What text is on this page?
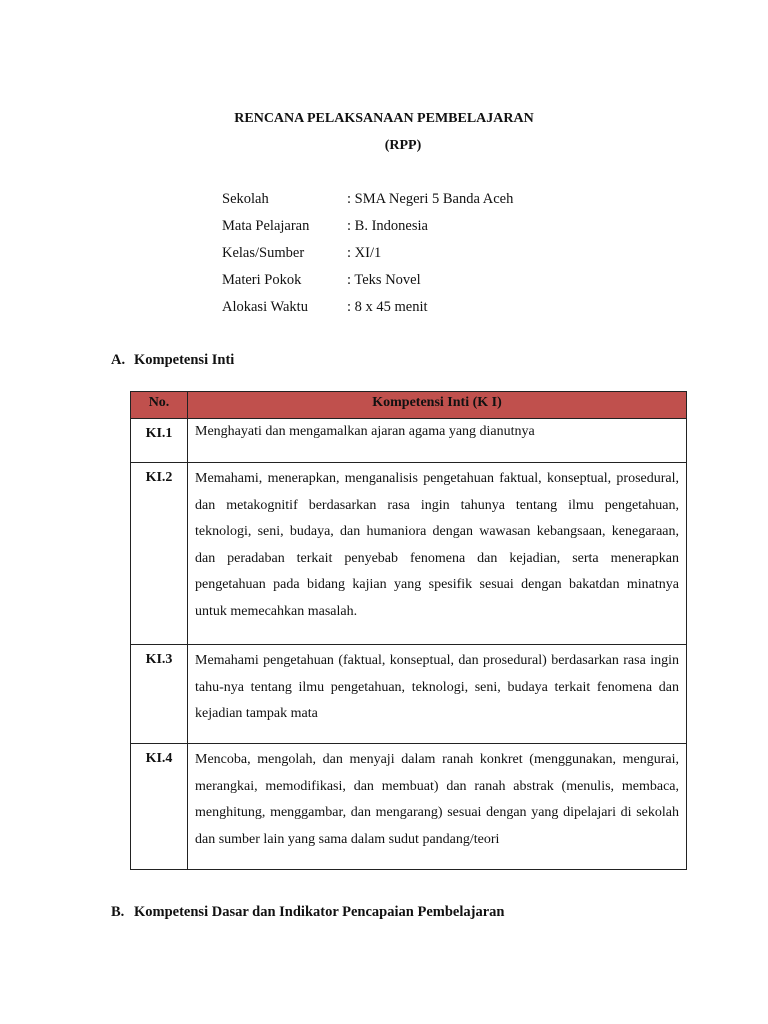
RENCANA PELAKSANAAN PEMBELAJARAN
(RPP)
Sekolah	: SMA Negeri 5 Banda Aceh
Mata Pelajaran	: B. Indonesia
Kelas/Sumber	: XI/1
Materi Pokok	: Teks Novel
Alokasi Waktu	: 8 x 45 menit
A. Kompetensi Inti
No.	Kompetensi Inti (K I)
KI.1	Menghayati dan mengamalkan ajaran agama yang dianutnya
KI.2	Memahami, menerapkan, menganalisis pengetahuan faktual, konseptual, prosedural, dan metakognitif berdasarkan rasa ingin tahunya tentang ilmu pengetahuan, teknologi, seni, budaya, dan humaniora dengan wawasan kebangsaan, kenegaraan, dan peradaban terkait penyebab fenomena dan kejadian, serta menerapkan pengetahuan pada bidang kajian yang spesifik sesuai dengan bakatdan minatnya untuk memecahkan masalah.
KI.3	Memahami pengetahuan (faktual, konseptual, dan prosedural) berdasarkan rasa ingin tahu-nya tentang ilmu pengetahuan, teknologi, seni, budaya terkait fenomena dan kejadian tampak mata
KI.4	Mencoba, mengolah, dan menyaji dalam ranah konkret (menggunakan, mengurai, merangkai, memodifikasi, dan membuat) dan ranah abstrak (menulis, membaca, menghitung, menggambar, dan mengarang) sesuai dengan yang dipelajari di sekolah dan sumber lain yang sama dalam sudut pandang/teori
B. Kompetensi Dasar dan Indikator Pencapaian Pembelajaran
